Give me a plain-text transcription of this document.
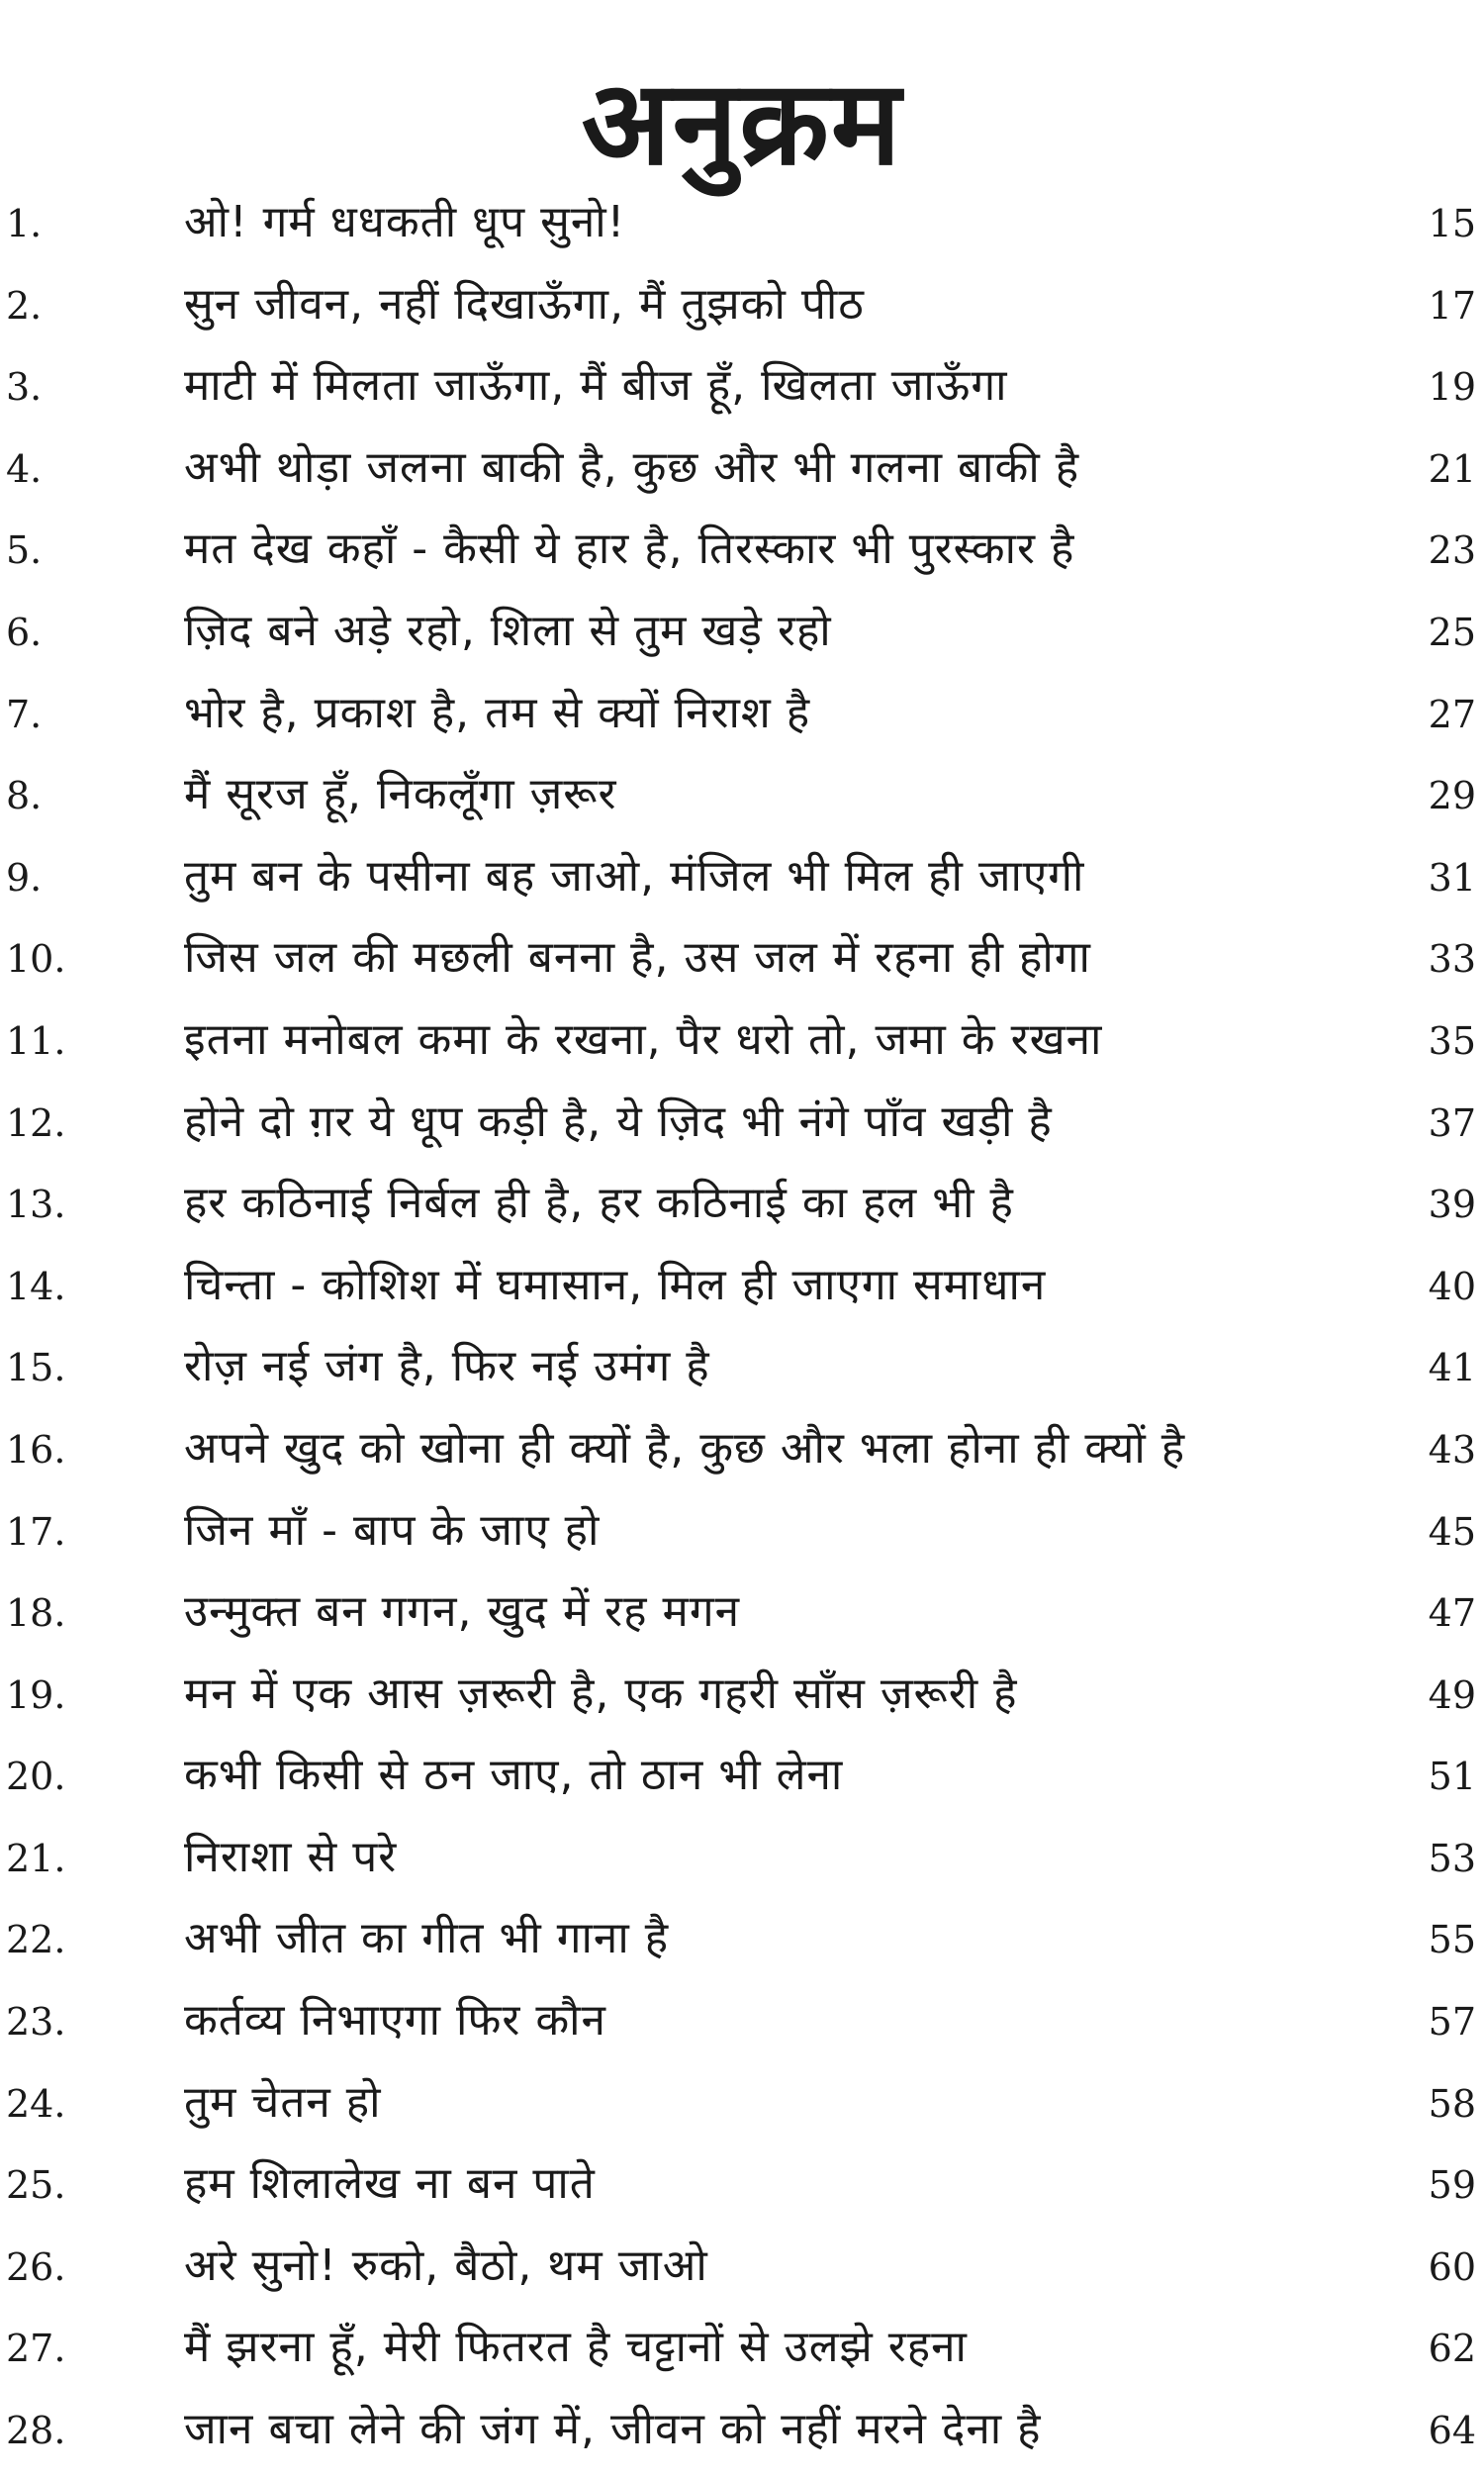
अनुक्रम
1.	ओ! गर्म धधकती धूप सुनो!	15
2.	सुन जीवन, नहीं दिखाऊँगा, मैं तुझको पीठ	17
3.	माटी में मिलता जाऊँगा, मैं बीज हूँ, खिलता जाऊँगा	19
4.	अभी थोड़ा जलना बाकी है, कुछ और भी गलना बाकी है	21
5.	मत देख कहाँ - कैसी ये हार है, तिरस्कार भी पुरस्कार है	23
6.	ज़िद बने अड़े रहो, शिला से तुम खड़े रहो	25
7.	भोर है, प्रकाश है, तम से क्यों निराश है	27
8.	मैं सूरज हूँ, निकलूँगा ज़रूर	29
9.	तुम बन के पसीना बह जाओ, मंजिल भी मिल ही जाएगी	31
10.	जिस जल की मछली बनना है, उस जल में रहना ही होगा	33
11.	इतना मनोबल कमा के रखना, पैर धरो तो, जमा के रखना	35
12.	होने दो ग़र ये धूप कड़ी है, ये ज़िद भी नंगे पाँव खड़ी है	37
13.	हर कठिनाई निर्बल ही है, हर कठिनाई का हल भी है	39
14.	चिन्ता - कोशिश में घमासान, मिल ही जाएगा समाधान	40
15.	रोज़ नई जंग है, फिर नई उमंग है	41
16.	अपने खुद को खोना ही क्यों है, कुछ और भला होना ही क्यों है	43
17.	जिन माँ - बाप के जाए हो	45
18.	उन्मुक्त बन गगन, खुद में रह मगन	47
19.	मन में एक आस ज़रूरी है, एक गहरी साँस ज़रूरी है	49
20.	कभी किसी से ठन जाए, तो ठान भी लेना	51
21.	निराशा से परे	53
22.	अभी जीत का गीत भी गाना है	55
23.	कर्तव्य निभाएगा फिर कौन	57
24.	तुम चेतन हो	58
25.	हम शिलालेख ना बन पाते	59
26.	अरे सुनो! रुको, बैठो, थम जाओ	60
27.	मैं झरना हूँ, मेरी फितरत है चट्टानों से उलझे रहना	62
28.	जान बचा लेने की जंग में, जीवन को नहीं मरने देना है	64
